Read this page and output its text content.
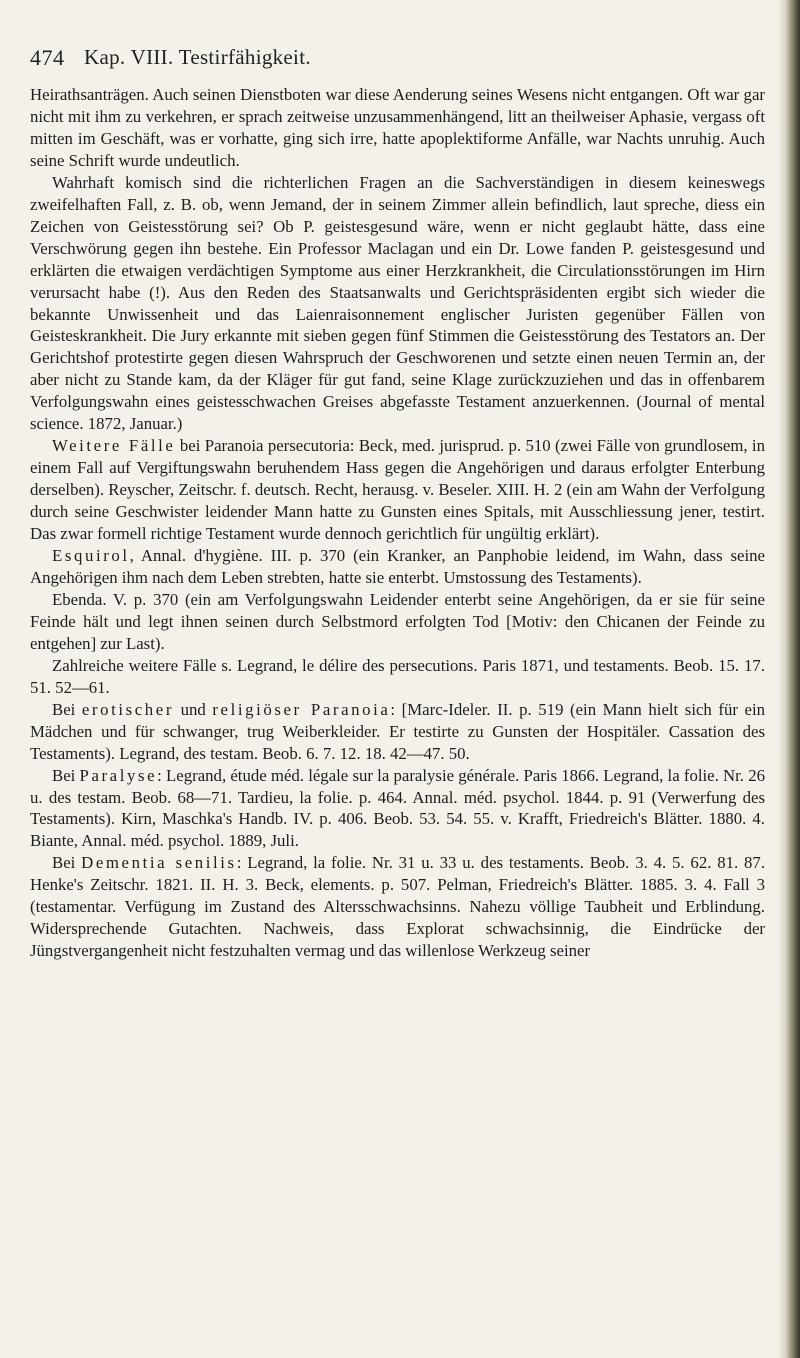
474 Kap. VIII. Testirfähigkeit.

Heirathsanträgen. Auch seinen Dienstboten war diese Aenderung seines Wesens nicht entgangen. Oft war gar nicht mit ihm zu verkehren, er sprach zeitweise unzusammenhängend, litt an theilweiser Aphasie, vergass oft mitten im Geschäft, was er vorhatte, ging sich irre, hatte apoplektiforme Anfälle, war Nachts unruhig. Auch seine Schrift wurde undeutlich.

Wahrhaft komisch sind die richterlichen Fragen an die Sachverständigen in diesem keineswegs zweifelhaften Fall, z. B. ob, wenn Jemand, der in seinem Zimmer allein befindlich, laut spreche, diess ein Zeichen von Geistesstörung sei? Ob P. geistesgesund wäre, wenn er nicht geglaubt hätte, dass eine Verschwörung gegen ihn bestehe. Ein Professor Maclagan und ein Dr. Lowe fanden P. geistesgesund und erklärten die etwaigen verdächtigen Symptome aus einer Herzkrankheit, die Circulationsstörungen im Hirn verursacht habe (!). Aus den Reden des Staatsanwalts und Gerichtspräsidenten ergibt sich wieder die bekannte Unwissenheit und das Laienraisonnement englischer Juristen gegenüber Fällen von Geisteskrankheit. Die Jury erkannte mit sieben gegen fünf Stimmen die Geistesstörung des Testators an. Der Gerichtshof protestirte gegen diesen Wahrspruch der Geschworenen und setzte einen neuen Termin an, der aber nicht zu Stande kam, da der Kläger für gut fand, seine Klage zurückzuziehen und das in offenbarem Verfolgungswahn eines geistesschwachen Greises abgefasste Testament anzuerkennen. (Journal of mental science. 1872, Januar.)

Weitere Fälle bei Paranoia persecutoria: Beck, med. jurisprud. p. 510 (zwei Fälle von grundlosem, in einem Fall auf Vergiftungswahn beruhendem Hass gegen die Angehörigen und daraus erfolgter Enterbung derselben). Reyscher, Zeitschr. f. deutsch. Recht, herausg. v. Beseler. XIII. H. 2 (ein am Wahn der Verfolgung durch seine Geschwister leidender Mann hatte zu Gunsten eines Spitals, mit Ausschliessung jener, testirt. Das zwar formell richtige Testament wurde dennoch gerichtlich für ungültig erklärt).

Esquirol, Annal. d'hygiène. III. p. 370 (ein Kranker, an Panphobie leidend, im Wahn, dass seine Angehörigen ihm nach dem Leben strebten, hatte sie enterbt. Umstossung des Testaments).

Ebenda. V. p. 370 (ein am Verfolgungswahn Leidender enterbt seine Angehörigen, da er sie für seine Feinde hält und legt ihnen seinen durch Selbstmord erfolgten Tod [Motiv: den Chicanen der Feinde zu entgehen] zur Last).

Zahlreiche weitere Fälle s. Legrand, le délire des persecutions. Paris 1871, und testaments. Beob. 15. 17. 51. 52—61.

Bei erotischer und religiöser Paranoia: [Marc-Ideler. II. p. 519 (ein Mann hielt sich für ein Mädchen und für schwanger, trug Weiberkleider. Er testirte zu Gunsten der Hospitäler. Cassation des Testaments). Legrand, des testam. Beob. 6. 7. 12. 18. 42—47. 50.

Bei Paralyse: Legrand, étude méd. légale sur la paralysie générale. Paris 1866. Legrand, la folie. Nr. 26 u. des testam. Beob. 68—71. Tardieu, la folie. p. 464. Annal. méd. psychol. 1844. p. 91 (Verwerfung des Testaments). Kirn, Maschka's Handb. IV. p. 406. Beob. 53. 54. 55. v. Krafft, Friedreich's Blätter. 1880. 4. Biante, Annal. méd. psychol. 1889, Juli.

Bei Dementia senilis: Legrand, la folie. Nr. 31 u. 33 u. des testaments. Beob. 3. 4. 5. 62. 81. 87. Henke's Zeitschr. 1821. II. H. 3. Beck, elements. p. 507. Pelman, Friedreich's Blätter. 1885. 3. 4. Fall 3 (testamentar. Verfügung im Zustand des Altersschwachsinns. Nahezu völlige Taubheit und Erblindung. Widersprechende Gutachten. Nachweis, dass Explorat schwachsinnig, die Eindrücke der Jüngstvergangenheit nicht festzuhalten vermag und das willenlose Werkzeug seiner
